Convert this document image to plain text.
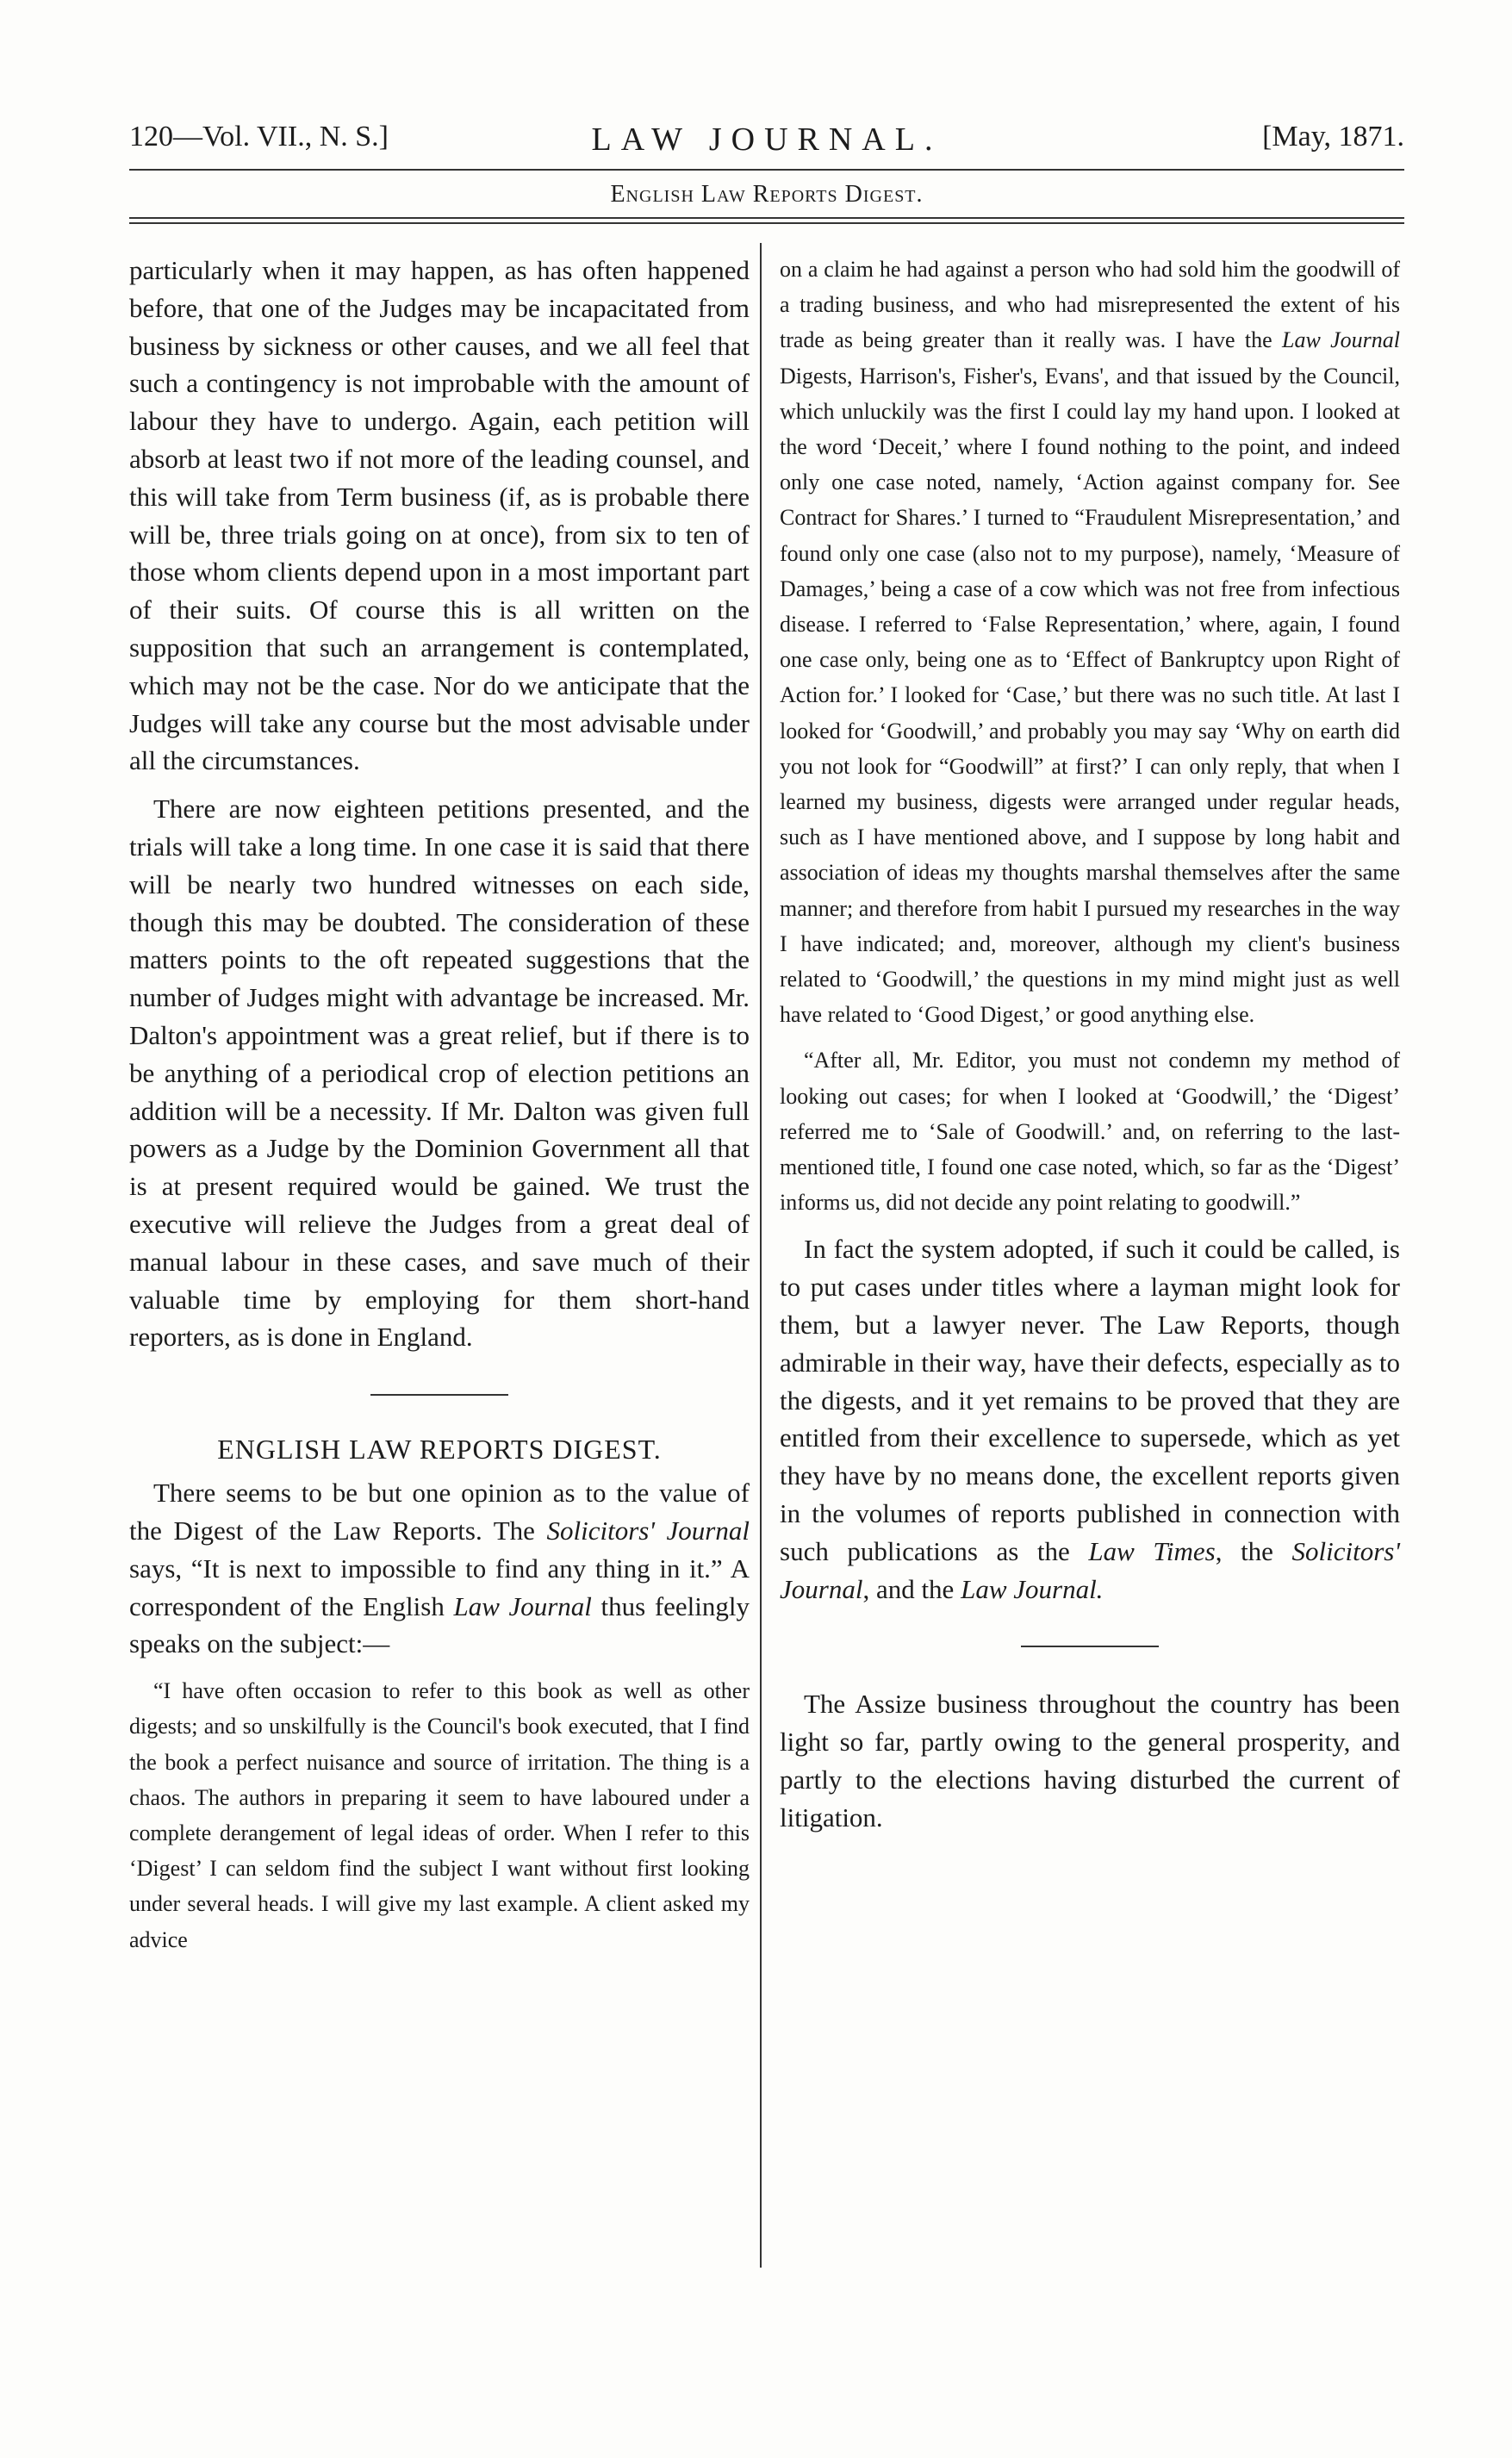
120—Vol. VII., N. S.]	LAW JOURNAL.	[May, 1871.
English Law Reports Digest.

particularly when it may happen, as has often happened before, that one of the Judges may be incapacitated from business by sickness or other causes, and we all feel that such a contingency is not improbable with the amount of labour they have to undergo. Again, each petition will absorb at least two if not more of the leading counsel, and this will take from Term business (if, as is probable there will be, three trials going on at once), from six to ten of those whom clients depend upon in a most important part of their suits. Of course this is all written on the supposition that such an arrangement is contemplated, which may not be the case. Nor do we anticipate that the Judges will take any course but the most advisable under all the circumstances.

There are now eighteen petitions presented, and the trials will take a long time. In one case it is said that there will be nearly two hundred witnesses on each side, though this may be doubted. The consideration of these matters points to the oft repeated suggestions that the number of Judges might with advantage be increased. Mr. Dalton's appointment was a great relief, but if there is to be anything of a periodical crop of election petitions an addition will be a necessity. If Mr. Dalton was given full powers as a Judge by the Dominion Government all that is at present required would be gained. We trust the executive will relieve the Judges from a great deal of manual labour in these cases, and save much of their valuable time by employing for them short-hand reporters, as is done in England.

ENGLISH LAW REPORTS DIGEST.

There seems to be but one opinion as to the value of the Digest of the Law Reports. The Solicitors' Journal says, “It is next to impossible to find any thing in it.” A correspondent of the English Law Journal thus feelingly speaks on the subject:—

“I have often occasion to refer to this book as well as other digests; and so unskilfully is the Council's book executed, that I find the book a perfect nuisance and source of irritation. The thing is a chaos. The authors in preparing it seem to have laboured under a complete derangement of legal ideas of order. When I refer to this ‘Digest’ I can seldom find the subject I want without first looking under several heads. I will give my last example. A client asked my advice

on a claim he had against a person who had sold him the goodwill of a trading business, and who had misrepresented the extent of his trade as being greater than it really was. I have the Law Journal Digests, Harrison's, Fisher's, Evans', and that issued by the Council, which unluckily was the first I could lay my hand upon. I looked at the word ‘Deceit,’ where I found nothing to the point, and indeed only one case noted, namely, ‘Action against company for. See Contract for Shares.’ I turned to “Fraudulent Misrepresentation,’ and found only one case (also not to my purpose), namely, ‘Measure of Damages,’ being a case of a cow which was not free from infectious disease. I referred to ‘False Representation,’ where, again, I found one case only, being one as to ‘Effect of Bankruptcy upon Right of Action for.’ I looked for ‘Case,’ but there was no such title. At last I looked for ‘Goodwill,’ and probably you may say ‘Why on earth did you not look for “Goodwill” at first?’ I can only reply, that when I learned my business, digests were arranged under regular heads, such as I have mentioned above, and I suppose by long habit and association of ideas my thoughts marshal themselves after the same manner; and therefore from habit I pursued my researches in the way I have indicated; and, moreover, although my client's business related to ‘Goodwill,’ the questions in my mind might just as well have related to ‘Good Digest,’ or good anything else.

“After all, Mr. Editor, you must not condemn my method of looking out cases; for when I looked at ‘Goodwill,’ the ‘Digest’ referred me to ‘Sale of Goodwill.’ and, on referring to the last-mentioned title, I found one case noted, which, so far as the ‘Digest’ informs us, did not decide any point relating to goodwill.”

In fact the system adopted, if such it could be called, is to put cases under titles where a layman might look for them, but a lawyer never. The Law Reports, though admirable in their way, have their defects, especially as to the digests, and it yet remains to be proved that they are entitled from their excellence to supersede, which as yet they have by no means done, the excellent reports given in the volumes of reports published in connection with such publications as the Law Times, the Solicitors' Journal, and the Law Journal.

The Assize business throughout the country has been light so far, partly owing to the general prosperity, and partly to the elections having disturbed the current of litigation.
